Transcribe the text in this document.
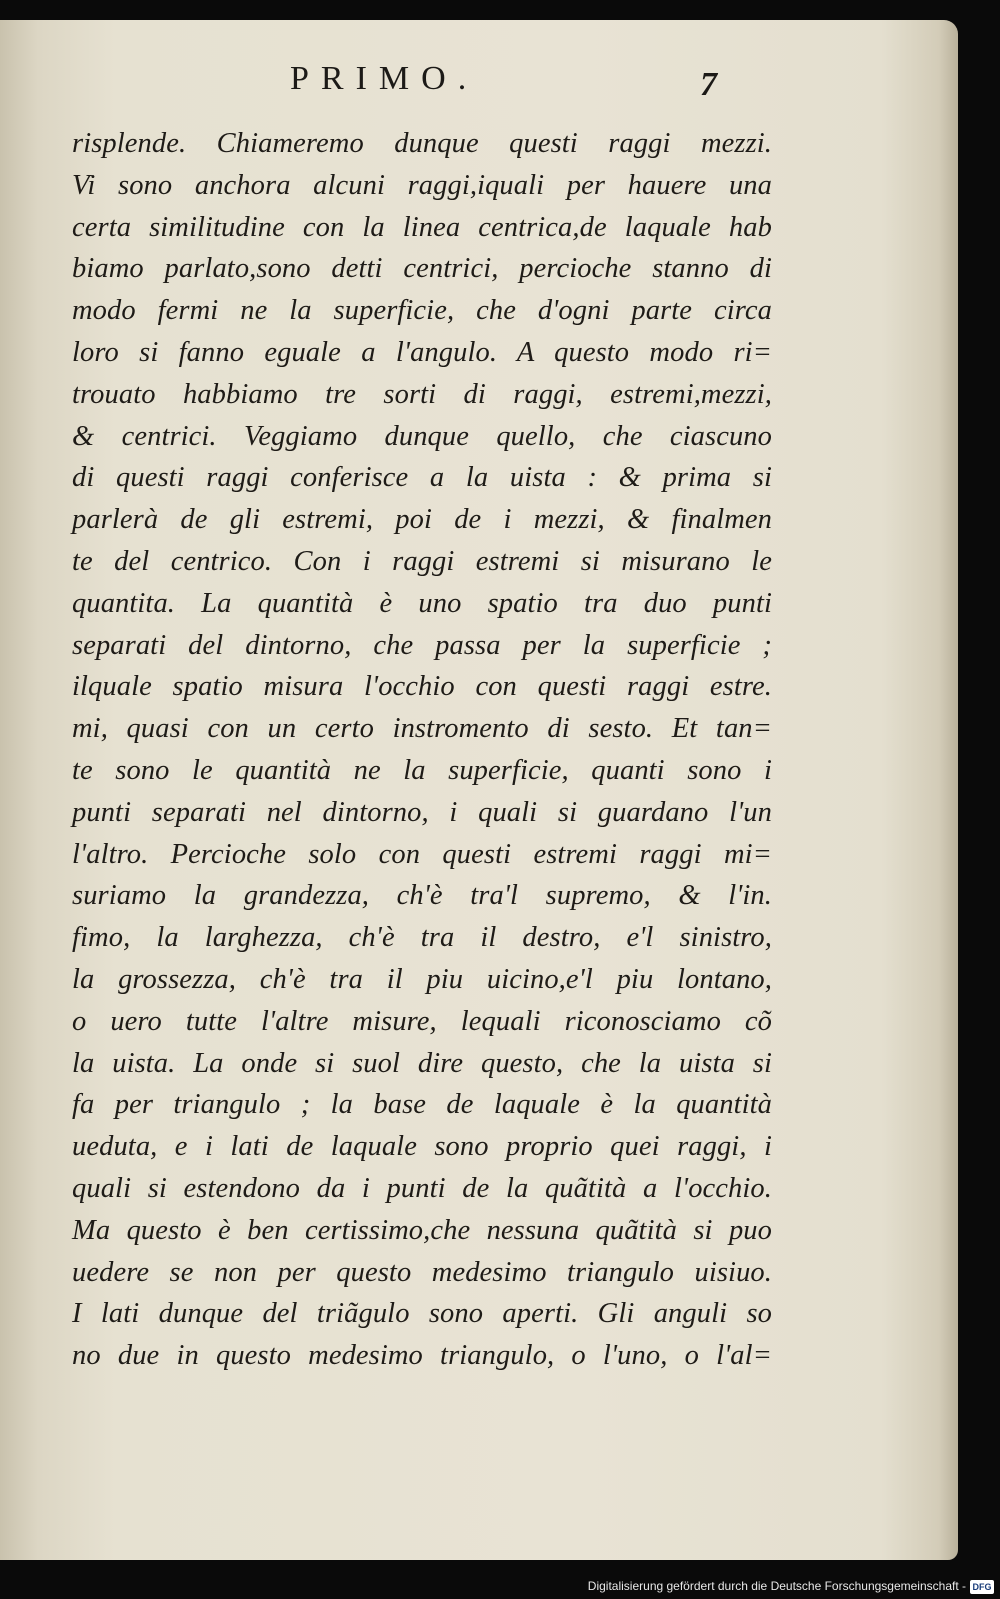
PRIMO.	7
risplende. Chiameremo dunque questi raggi mezzi.
Vi sono anchora alcuni raggi,iquali per hauere una
certa similitudine con la linea centrica,de laquale hab
biamo parlato,sono detti centrici, percioche stanno di
modo fermi ne la superficie, che d'ogni parte circa
loro si fanno eguale a l'angulo. A questo modo ri=
trouato habbiamo tre sorti di raggi, estremi,mezzi,
& centrici. Veggiamo dunque quello, che ciascuno
di questi raggi conferisce a la uista : & prima si
parlerà de gli estremi, poi de i mezzi, & finalmen
te del centrico. Con i raggi estremi si misurano le
quantita. La quantità è uno spatio tra duo punti
separati del dintorno, che passa per la superficie ;
ilquale spatio misura l'occhio con questi raggi estre.
mi, quasi con un certo instromento di sesto. Et tan=
te sono le quantità ne la superficie, quanti sono i
punti separati nel dintorno, i quali si guardano l'un
l'altro. Percioche solo con questi estremi raggi mi=
suriamo la grandezza, ch'è tra'l supremo, & l'in.
fimo, la larghezza, ch'è tra il destro, e'l sinistro,
la grossezza, ch'è tra il piu uicino,e'l piu lontano,
o uero tutte l'altre misure, lequali riconosciamo cõ
la uista. La onde si suol dire questo, che la uista si
fa per triangulo ; la base de laquale è la quantità
ueduta, e i lati de laquale sono proprio quei raggi, i
quali si estendono da i punti de la quãtità a l'occhio.
Ma questo è ben certissimo,che nessuna quãtità si puo
uedere se non per questo medesimo triangulo uisiuo.
I lati dunque del triãgulo sono aperti. Gli anguli so
no due in questo medesimo triangulo, o l'uno, o l'al=
Digitalisierung gefördert durch die Deutsche Forschungsgemeinschaft - DFG
